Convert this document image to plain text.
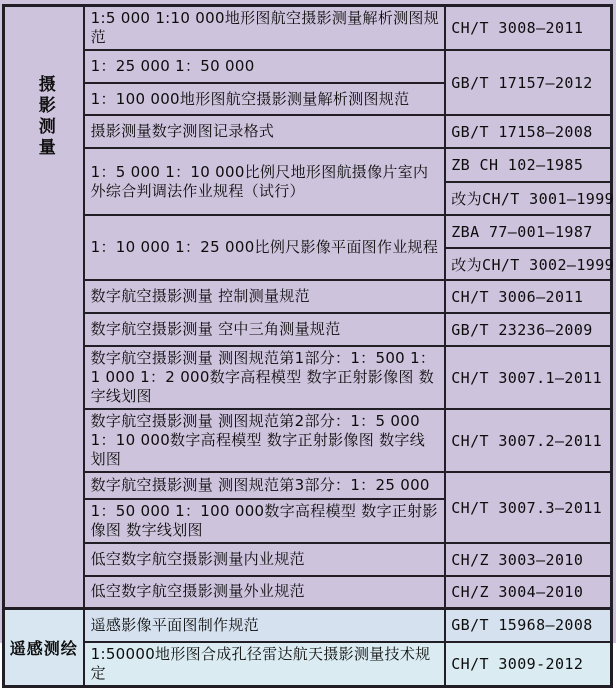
摄影测量	1:5 000 1:10 000地形图航空摄影测量解析测图规范	CH/T 3008—2011
	1：25 000 1：50 000	GB/T 17157—2012
	1：100 000地形图航空摄影测量解析测图规范	
	摄影测量数字测图记录格式	GB/T 17158—2008
	1：5 000 1：10 000比例尺地形图航摄像片室内外综合判调法作业规程（试行）	ZB CH 102—1985
		改为CH/T 3001—1999
	1：10 000 1：25 000比例尺影像平面图作业规程	ZBA 77—001—1987
		改为CH/T 3002—1999
	数字航空摄影测量 控制测量规范	CH/T 3006—2011
	数字航空摄影测量 空中三角测量规范	GB/T 23236—2009
	数字航空摄影测量 测图规范第1部分：1：500 1：1 000 1：2 000数字高程模型 数字正射影像图 数字线划图	CH/T 3007.1—2011
	数字航空摄影测量 测图规范第2部分：1：5 000 1：10 000数字高程模型 数字正射影像图 数字线划图	CH/T 3007.2—2011
	数字航空摄影测量 测图规范第3部分：1：25 000	CH/T 3007.3—2011
	1：50 000 1：100 000数字高程模型 数字正射影像图 数字线划图	
	低空数字航空摄影测量内业规范	CH/Z 3003—2010
	低空数字航空摄影测量外业规范	CH/Z 3004—2010
遥感测绘	遥感影像平面图制作规范	GB/T 15968—2008
	1:50000地形图合成孔径雷达航天摄影测量技术规定	CH/T 3009-2012
